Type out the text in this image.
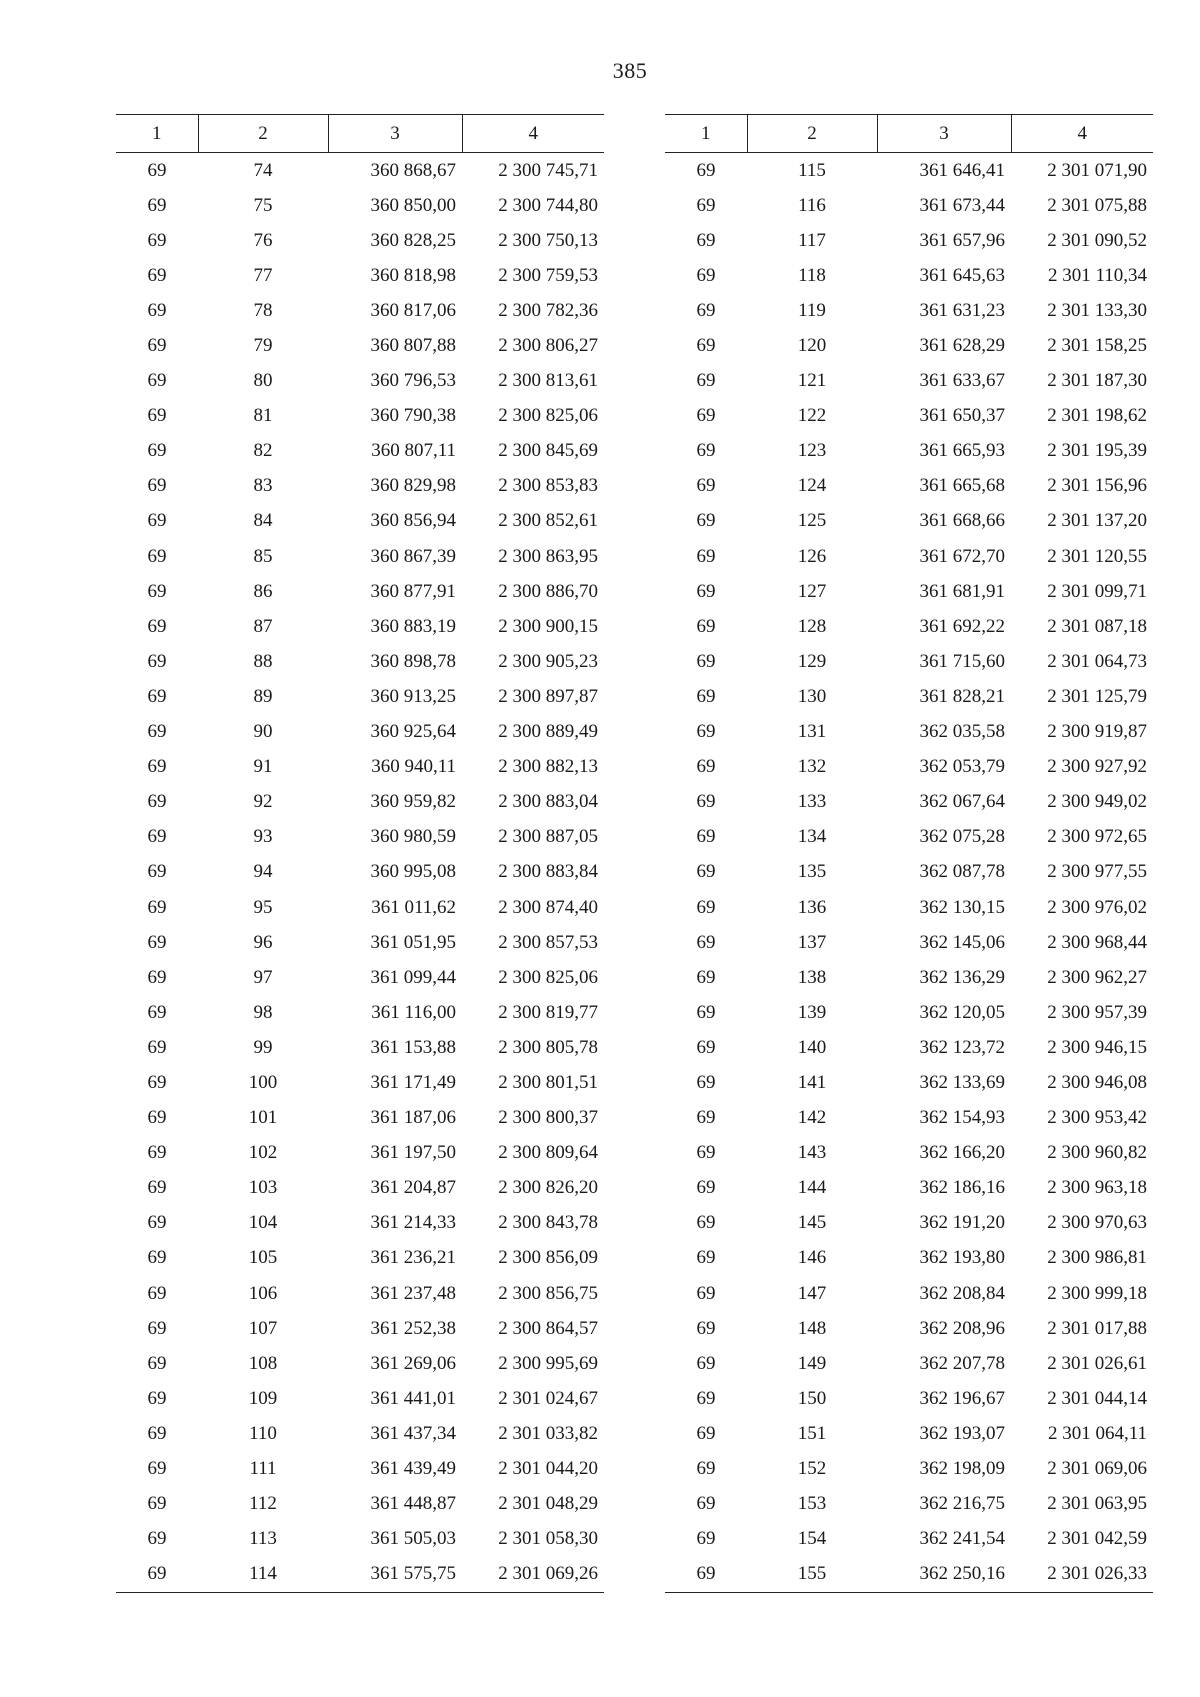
385
1	2	3	4
69	74	360 868,67	2 300 745,71
69	75	360 850,00	2 300 744,80
69	76	360 828,25	2 300 750,13
69	77	360 818,98	2 300 759,53
69	78	360 817,06	2 300 782,36
69	79	360 807,88	2 300 806,27
69	80	360 796,53	2 300 813,61
69	81	360 790,38	2 300 825,06
69	82	360 807,11	2 300 845,69
69	83	360 829,98	2 300 853,83
69	84	360 856,94	2 300 852,61
69	85	360 867,39	2 300 863,95
69	86	360 877,91	2 300 886,70
69	87	360 883,19	2 300 900,15
69	88	360 898,78	2 300 905,23
69	89	360 913,25	2 300 897,87
69	90	360 925,64	2 300 889,49
69	91	360 940,11	2 300 882,13
69	92	360 959,82	2 300 883,04
69	93	360 980,59	2 300 887,05
69	94	360 995,08	2 300 883,84
69	95	361 011,62	2 300 874,40
69	96	361 051,95	2 300 857,53
69	97	361 099,44	2 300 825,06
69	98	361 116,00	2 300 819,77
69	99	361 153,88	2 300 805,78
69	100	361 171,49	2 300 801,51
69	101	361 187,06	2 300 800,37
69	102	361 197,50	2 300 809,64
69	103	361 204,87	2 300 826,20
69	104	361 214,33	2 300 843,78
69	105	361 236,21	2 300 856,09
69	106	361 237,48	2 300 856,75
69	107	361 252,38	2 300 864,57
69	108	361 269,06	2 300 995,69
69	109	361 441,01	2 301 024,67
69	110	361 437,34	2 301 033,82
69	111	361 439,49	2 301 044,20
69	112	361 448,87	2 301 048,29
69	113	361 505,03	2 301 058,30
69	114	361 575,75	2 301 069,26
1	2	3	4
69	115	361 646,41	2 301 071,90
69	116	361 673,44	2 301 075,88
69	117	361 657,96	2 301 090,52
69	118	361 645,63	2 301 110,34
69	119	361 631,23	2 301 133,30
69	120	361 628,29	2 301 158,25
69	121	361 633,67	2 301 187,30
69	122	361 650,37	2 301 198,62
69	123	361 665,93	2 301 195,39
69	124	361 665,68	2 301 156,96
69	125	361 668,66	2 301 137,20
69	126	361 672,70	2 301 120,55
69	127	361 681,91	2 301 099,71
69	128	361 692,22	2 301 087,18
69	129	361 715,60	2 301 064,73
69	130	361 828,21	2 301 125,79
69	131	362 035,58	2 300 919,87
69	132	362 053,79	2 300 927,92
69	133	362 067,64	2 300 949,02
69	134	362 075,28	2 300 972,65
69	135	362 087,78	2 300 977,55
69	136	362 130,15	2 300 976,02
69	137	362 145,06	2 300 968,44
69	138	362 136,29	2 300 962,27
69	139	362 120,05	2 300 957,39
69	140	362 123,72	2 300 946,15
69	141	362 133,69	2 300 946,08
69	142	362 154,93	2 300 953,42
69	143	362 166,20	2 300 960,82
69	144	362 186,16	2 300 963,18
69	145	362 191,20	2 300 970,63
69	146	362 193,80	2 300 986,81
69	147	362 208,84	2 300 999,18
69	148	362 208,96	2 301 017,88
69	149	362 207,78	2 301 026,61
69	150	362 196,67	2 301 044,14
69	151	362 193,07	2 301 064,11
69	152	362 198,09	2 301 069,06
69	153	362 216,75	2 301 063,95
69	154	362 241,54	2 301 042,59
69	155	362 250,16	2 301 026,33
